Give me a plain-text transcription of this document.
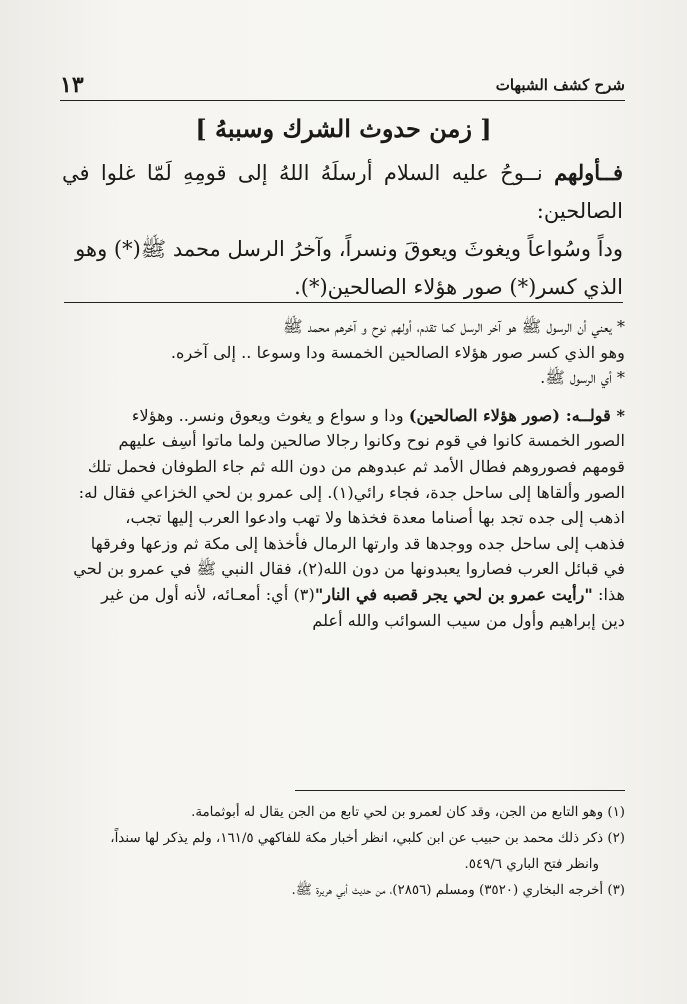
شرح كشف الشبهات
١٣
[ زمن حدوث الشرك وسببهُ ]

فــأولهم نــوحُ عليه السلام أرسلَهُ اللهُ إلى قومِهِ لَمّا غلوا في الصالحين:

وداً وسُواعاً ويغوثَ ويعوقَ ونسراً، وآخرُ الرسل محمد ﷺ(*) وهو

الذي كسر(*) صور هؤلاء الصالحين(*).

* يعني أن الرسول ﷺ هو آخر الرسل كما تقدم، أولهم نوح و آخرهم محمد ﷺ

وهو الذي كسر صور هؤلاء الصالحين الخمسة ودا وسوعا .. إلى آخره.

* أي الرسول ﷺ.

* قولــه: (صور هؤلاء الصالحين) ودا و سواع و يغوث ويعوق ونسر.. وهؤلاء

الصور الخمسة كانوا في قوم نوح وكانوا رجالا صالحين ولما ماتوا أسِف عليهم

قومهم فصوروهم فطال الأمد ثم عبدوهم من دون الله ثم جاء الطوفان فحمل تلك

الصور وألقاها إلى ساحل جدة، فجاء رائي(١). إلى عمرو بن لحي الخزاعي فقال له:

اذهب إلى جده تجد بها أصناما معدة فخذها ولا تهب وادعوا العرب إليها تجب،

فذهب إلى ساحل جده ووجدها قد وارتها الرمال فأخذها إلى مكة ثم وزعها وفرقها

في قبائل العرب فصاروا يعبدونها من دون الله(٢)، فقال النبي ﷺ في عمرو بن لحي

هذا: "رأيت عمرو بن لحي يجر قصبه في النار"(٣) أي: أمعـائه، لأنه أول من غير

دين إبراهيم وأول من سيب السوائب والله أعلم

(١) وهو التابع من الجن، وقد كان لعمرو بن لحي تابع من الجن يقال له أبوثمامة.

(٢) ذكر ذلك محمد بن حبيب عن ابن كلبي، انظر أخبار مكة للفاكهي ١٦١/٥، ولم يذكر لها سنداً،

وانظر فتح الباري ٥٤٩/٦.

(٣) أخرجه البخاري (٣٥٢٠) ومسلم (٢٨٥٦)، من حديث أبي هريرة ﷺ.
